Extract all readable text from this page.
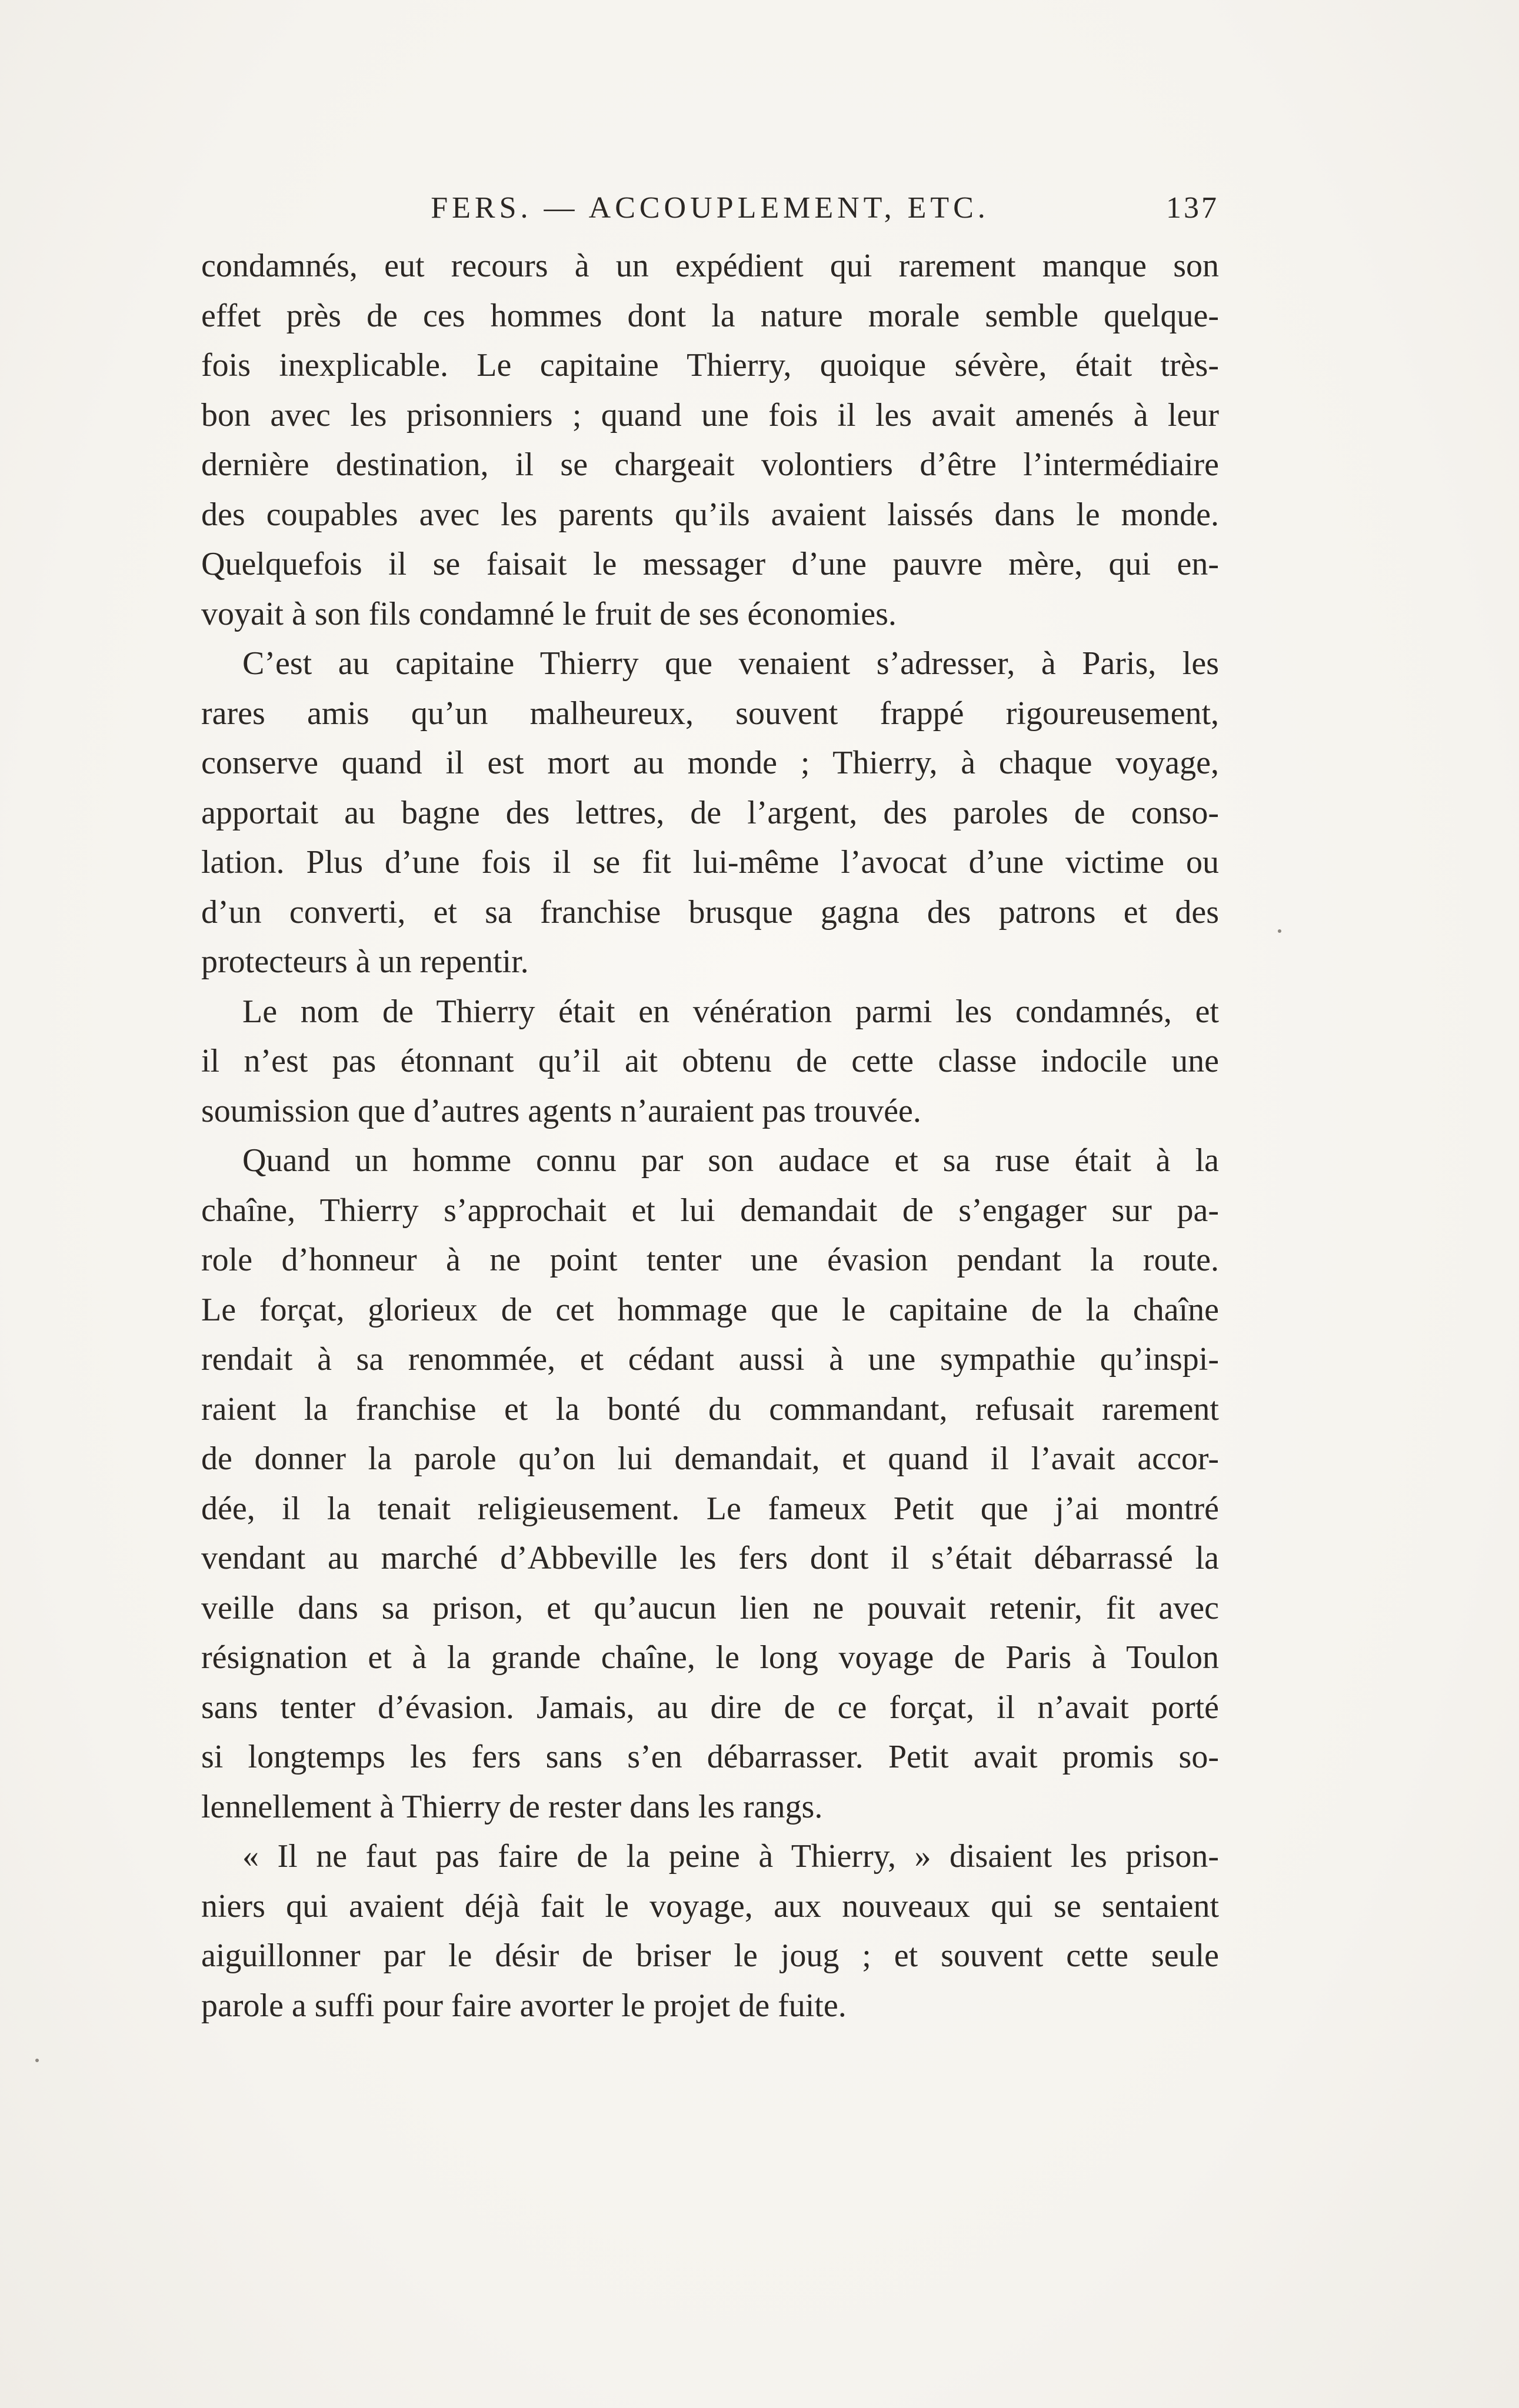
FERS. — ACCOUPLEMENT, ETC.	137

condamnés, eut recours à un expédient qui rarement manque son
effet près de ces hommes dont la nature morale semble quelque-
fois inexplicable. Le capitaine Thierry, quoique sévère, était très-
bon avec les prisonniers ; quand une fois il les avait amenés à leur
dernière destination, il se chargeait volontiers d’être l’intermédiaire
des coupables avec les parents qu’ils avaient laissés dans le monde.
Quelquefois il se faisait le messager d’une pauvre mère, qui en-
voyait à son fils condamné le fruit de ses économies.

C’est au capitaine Thierry que venaient s’adresser, à Paris, les
rares amis qu’un malheureux, souvent frappé rigoureusement,
conserve quand il est mort au monde ; Thierry, à chaque voyage,
apportait au bagne des lettres, de l’argent, des paroles de conso-
lation. Plus d’une fois il se fit lui-même l’avocat d’une victime ou
d’un converti, et sa franchise brusque gagna des patrons et des
protecteurs à un repentir.

Le nom de Thierry était en vénération parmi les condamnés, et
il n’est pas étonnant qu’il ait obtenu de cette classe indocile une
soumission que d’autres agents n’auraient pas trouvée.

Quand un homme connu par son audace et sa ruse était à la
chaîne, Thierry s’approchait et lui demandait de s’engager sur pa-
role d’honneur à ne point tenter une évasion pendant la route.
Le forçat, glorieux de cet hommage que le capitaine de la chaîne
rendait à sa renommée, et cédant aussi à une sympathie qu’inspi-
raient la franchise et la bonté du commandant, refusait rarement
de donner la parole qu’on lui demandait, et quand il l’avait accor-
dée, il la tenait religieusement. Le fameux Petit que j’ai montré
vendant au marché d’Abbeville les fers dont il s’était débarrassé la
veille dans sa prison, et qu’aucun lien ne pouvait retenir, fit avec
résignation et à la grande chaîne, le long voyage de Paris à Toulon
sans tenter d’évasion. Jamais, au dire de ce forçat, il n’avait porté
si longtemps les fers sans s’en débarrasser. Petit avait promis so-
lennellement à Thierry de rester dans les rangs.

« Il ne faut pas faire de la peine à Thierry, » disaient les prison-
niers qui avaient déjà fait le voyage, aux nouveaux qui se sentaient
aiguillonner par le désir de briser le joug ; et souvent cette seule
parole a suffi pour faire avorter le projet de fuite.
